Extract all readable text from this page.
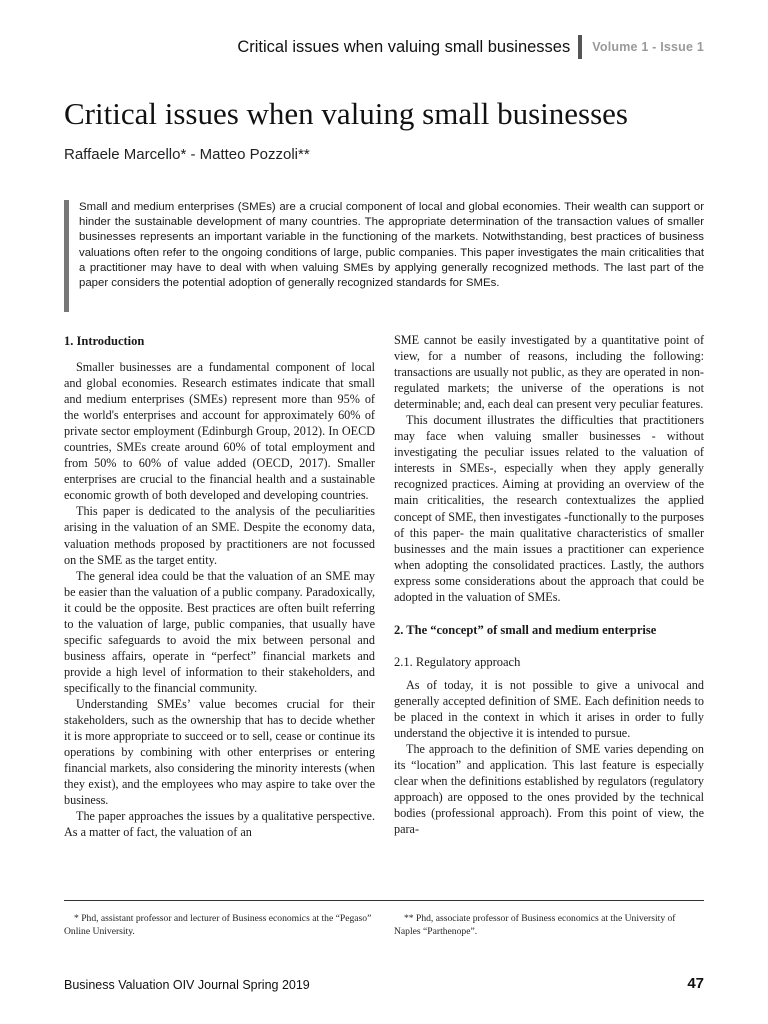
Critical issues when valuing small businesses Volume 1 - Issue 1
Critical issues when valuing small businesses
Raffaele Marcello* - Matteo Pozzoli**

Small and medium enterprises (SMEs) are a crucial component of local and global economies. Their wealth can support or hinder the sustainable development of many countries. The appropriate determination of the transaction values of smaller businesses represents an important variable in the functioning of the markets. Notwithstanding, best practices of business valuations often refer to the ongoing conditions of large, public companies. This paper investigates the main criticalities that a practitioner may have to deal with when valuing SMEs by applying generally recognized methods. The last part of the paper considers the potential adoption of generally recognized standards for SMEs.

1. Introduction

Smaller businesses are a fundamental component of local and global economies. Research estimates indicate that small and medium enterprises (SMEs) represent more than 95% of the world's enterprises and account for approximately 60% of private sector employment (Edinburgh Group, 2012). In OECD countries, SMEs create around 60% of total employment and from 50% to 60% of value added (OECD, 2017). Smaller enterprises are crucial to the financial health and a sustainable economic growth of both developed and developing countries.

This paper is dedicated to the analysis of the peculiarities arising in the valuation of an SME. Despite the economy data, valuation methods proposed by practitioners are not focussed on the SME as the target entity.

The general idea could be that the valuation of an SME may be easier than the valuation of a public company. Paradoxically, it could be the opposite. Best practices are often built referring to the valuation of large, public companies, that usually have specific safeguards to avoid the mix between personal and business affairs, operate in “perfect” financial markets and provide a high level of information to their stakeholders, and specifically to the financial community.

Understanding SMEs’ value becomes crucial for their stakeholders, such as the ownership that has to decide whether it is more appropriate to succeed or to sell, cease or continue its operations by combining with other enterprises or entering financial markets, also considering the minority interests (when they exist), and the employees who may aspire to take over the business.

The paper approaches the issues by a qualitative perspective. As a matter of fact, the valuation of an

SME cannot be easily investigated by a quantitative point of view, for a number of reasons, including the following: transactions are usually not public, as they are operated in non-regulated markets; the universe of the operations is not determinable; and, each deal can present very peculiar features.

This document illustrates the difficulties that practitioners may face when valuing smaller businesses - without investigating the peculiar issues related to the valuation of interests in SMEs-, especially when they apply generally recognized practices. Aiming at providing an overview of the main criticalities, the research contextualizes the applied concept of SME, then investigates -functionally to the purposes of this paper- the main qualitative characteristics of smaller businesses and the main issues a practitioner can experience when adopting the consolidated practices. Lastly, the authors express some considerations about the approach that could be adopted in the valuation of SMEs.

2. The “concept” of small and medium enterprise
2.1. Regulatory approach

As of today, it is not possible to give a univocal and generally accepted definition of SME. Each definition needs to be placed in the context in which it arises in order to fully understand the objective it is intended to pursue.

The approach to the definition of SME varies depending on its “location” and application. This last feature is especially clear when the definitions established by regulators (regulatory approach) are opposed to the ones provided by the technical bodies (professional approach). From this point of view, the para-

* Phd, assistant professor and lecturer of Business economics at the “Pegaso” Online University.
** Phd, associate professor of Business economics at the University of Naples “Parthenope”.
Business Valuation OIV Journal Spring 2019	47
